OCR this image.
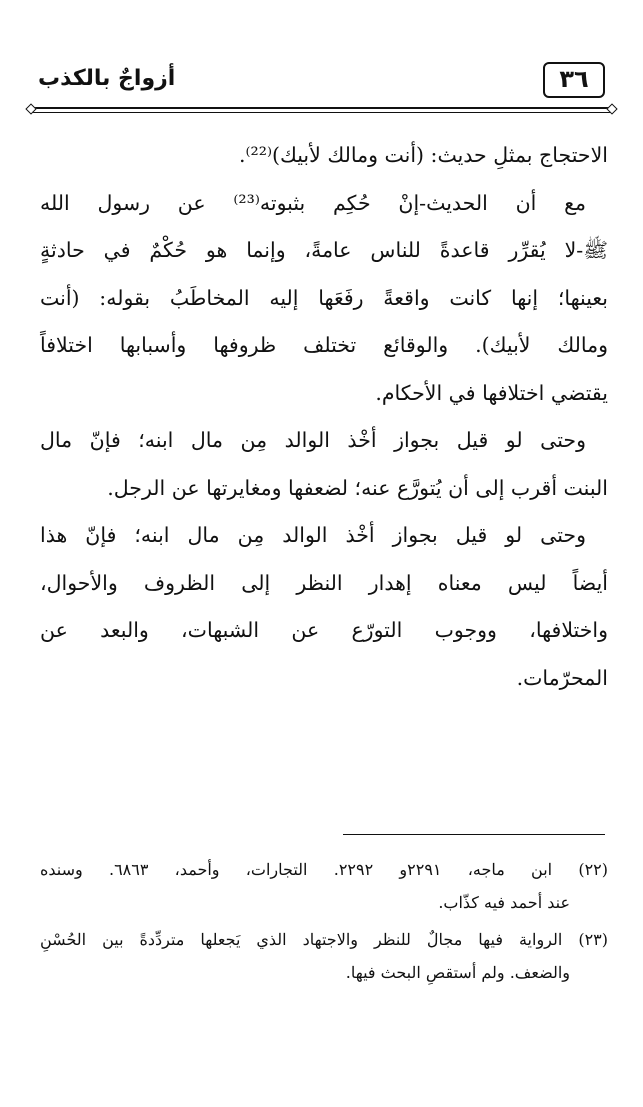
٣٦
أزواجٌ بالكذب

الاحتجاج بمثلِ حديث: (أنت ومالك لأبيك)⁽²²⁾.

مع أن الحديث-إنْ حُكِم بثبوته⁽²³⁾ عن رسول الله
ﷺ-لا يُقرِّر قاعدةً للناس عامةً، وإنما هو حُكْمٌ في حادثةٍ
بعينها؛ إنها كانت واقعةً رفَعَها إليه المخاطَبُ بقوله: (أنت
ومالك لأبيك). والوقائع تختلف ظروفها وأسبابها اختلافاً
يقتضي اختلافها في الأحكام.

وحتى لو قيل بجواز أخْذ الوالد مِن مال ابنه؛ فإنّ مال
البنت أقرب إلى أن يُتورَّع عنه؛ لضعفها ومغايرتها عن الرجل.

وحتى لو قيل بجواز أخْذ الوالد مِن مال ابنه؛ فإنّ هذا
أيضاً ليس معناه إهدار النظر إلى الظروف والأحوال،
واختلافها، ووجوب التورّع عن الشبهات، والبعد عن
المحرّمات.

(٢٢) ابن ماجه، ٢٢٩١و ٢٢٩٢. التجارات، وأحمد، ٦٨٦٣. وسنده
عند أحمد فيه كذّاب.
(٢٣) الرواية فيها مجالٌ للنظر والاجتهاد الذي يَجعلها متردِّدةً بين الحُسْنِ
والضعف. ولم أستقصِ البحث فيها.
